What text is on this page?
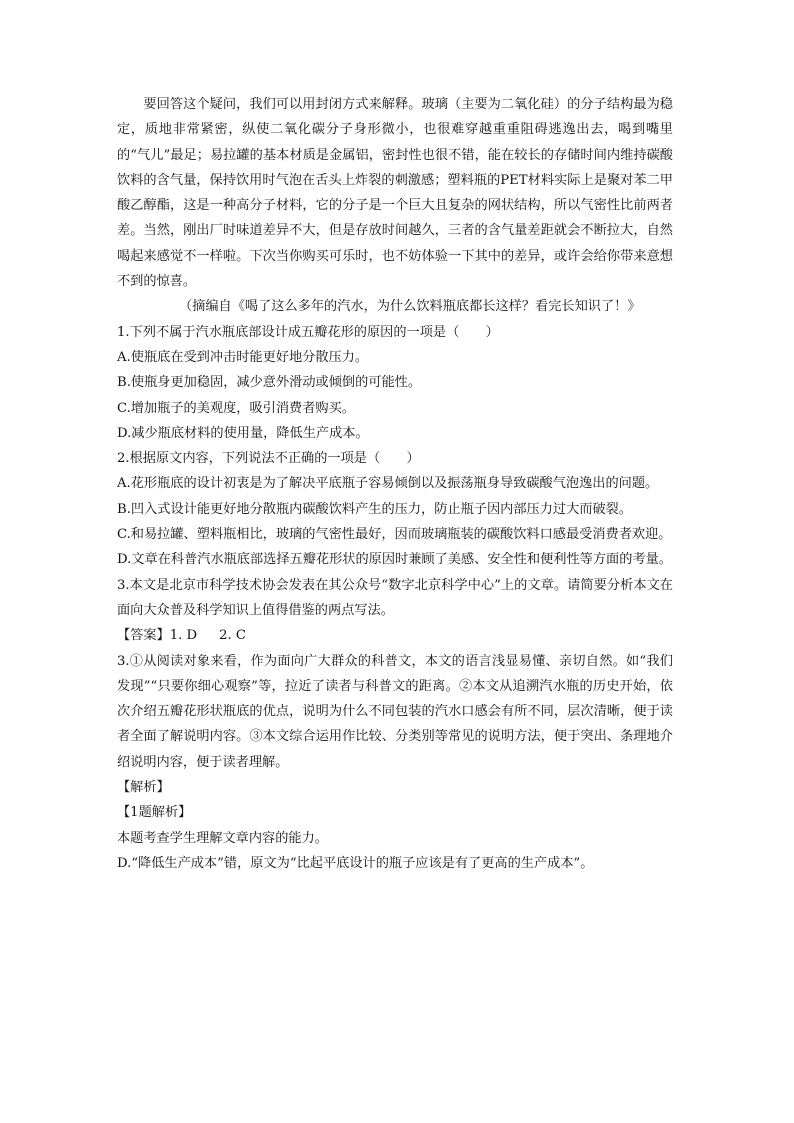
要回答这个疑问，我们可以用封闭方式来解释。玻璃（主要为二氧化硅）的分子结构最为稳定，质地非常紧密，纵使二氧化碳分子身形微小，也很难穿越重重阻碍逃逸出去，喝到嘴里的“气儿”最足；易拉罐的基本材质是金属铝，密封性也很不错，能在较长的存储时间内维持碳酸饮料的含气量，保持饮用时气泡在舌头上炸裂的刺激感；塑料瓶的PET材料实际上是聚对苯二甲酸乙醇酯，这是一种高分子材料，它的分子是一个巨大且复杂的网状结构，所以气密性比前两者差。当然，刚出厂时味道差异不大，但是存放时间越久，三者的含气量差距就会不断拉大，自然喝起来感觉不一样啦。下次当你购买可乐时，也不妨体验一下其中的差异，或许会给你带来意想不到的惊喜。

（摘编自《喝了这么多年的汽水，为什么饮料瓶底都长这样？看完长知识了！》

1.下列不属于汽水瓶底部设计成五瓣花形的原因的一项是（　　）

A.使瓶底在受到冲击时能更好地分散压力。

B.使瓶身更加稳固，减少意外滑动或倾倒的可能性。

C.增加瓶子的美观度，吸引消费者购买。

D.减少瓶底材料的使用量，降低生产成本。

2.根据原文内容，下列说法不正确的一项是（　　）

A.花形瓶底的设计初衷是为了解决平底瓶子容易倾倒以及振荡瓶身导致碳酸气泡逸出的问题。

B.凹入式设计能更好地分散瓶内碳酸饮料产生的压力，防止瓶子因内部压力过大而破裂。

C.和易拉罐、塑料瓶相比，玻璃的气密性最好，因而玻璃瓶装的碳酸饮料口感最受消费者欢迎。

D.文章在科普汽水瓶底部选择五瓣花形状的原因时兼顾了美感、安全性和便利性等方面的考量。

3.本文是北京市科学技术协会发表在其公众号“数字北京科学中心”上的文章。请简要分析本文在面向大众普及科学知识上值得借鉴的两点写法。

【答案】1. D 2. C

3.①从阅读对象来看，作为面向广大群众的科普文，本文的语言浅显易懂、亲切自然。如“我们发现”“只要你细心观察”等，拉近了读者与科普文的距离。②本文从追溯汽水瓶的历史开始，依次介绍五瓣花形状瓶底的优点，说明为什么不同包装的汽水口感会有所不同，层次清晰，便于读者全面了解说明内容。③本文综合运用作比较、分类别等常见的说明方法，便于突出、条理地介绍说明内容，便于读者理解。

【解析】

【1题解析】

本题考查学生理解文章内容的能力。

D.“降低生产成本”错，原文为“比起平底设计的瓶子应该是有了更高的生产成本”。
